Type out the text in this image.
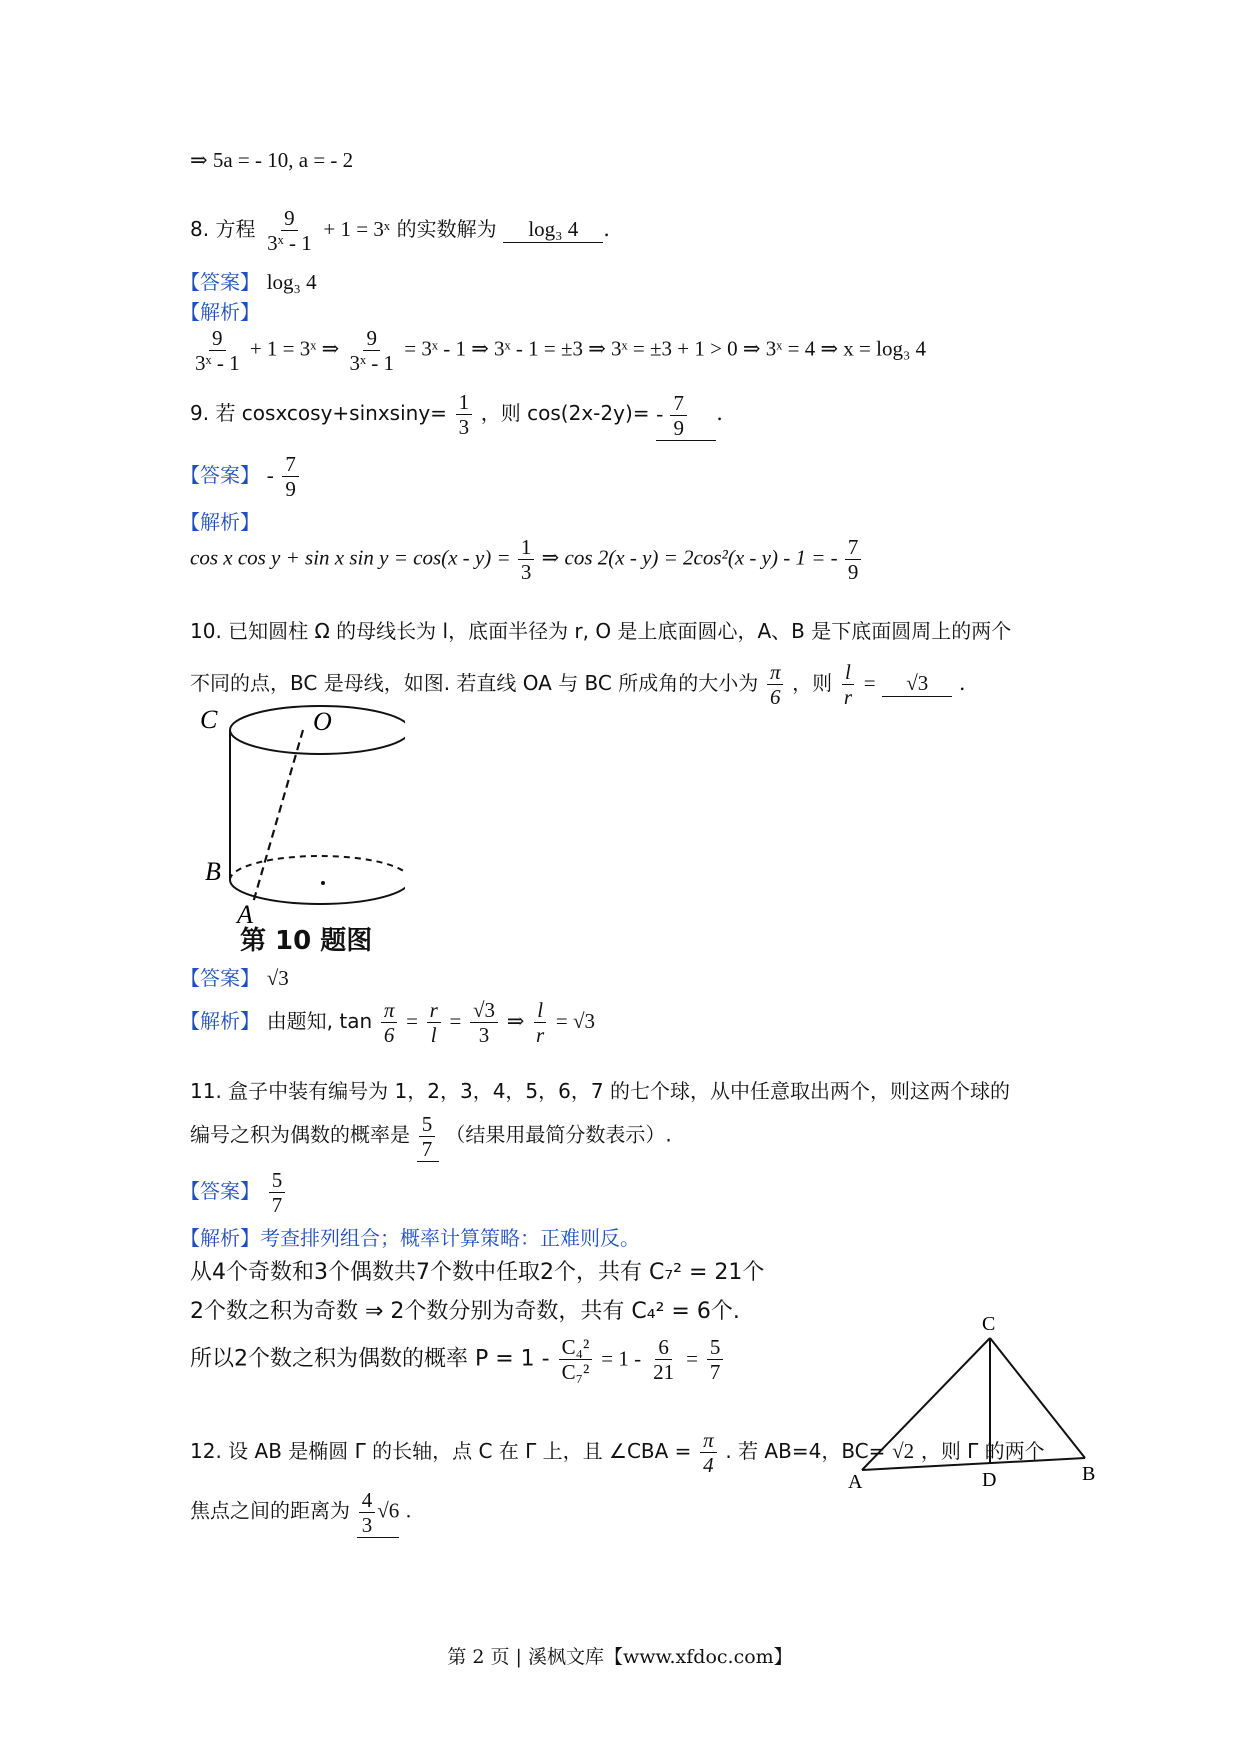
⇒ 5a = - 10, a = - 2
8. 方程 $\frac{9}{\text{3ˣ - 1}} + 1$ = 3ˣ 的实数解为 log₃ 4 .
【答案】 log₃ 4
【解析】
$\frac{9}{\text{3ˣ - 1}} + 1$ = 3ˣ ⇒ $\frac{9}{\text{3ˣ - 1}}$ = 3ˣ - 1 ⇒ 3ˣ - 1 = ±3 ⇒ 3ˣ = ±3 + 1 > 0 ⇒ 3ˣ = 4 ⇒ x = log₃ 4
9. 若 cosxcosy+sinxsiny= $\frac{1}{3}$ ，则 $\cos(2x-2y)= - \frac{7}{9}$ .
【答案】 - $\frac{7}{9}$
【解析】
cos x cos y + sin x $\sin y = \cos(x - y) = \frac{1}{3}$ ⇒ cos 2(x - y) = 2cos²(x - y) - 1 = - $\frac{7}{9}$
10. 已知圆柱 Ω 的母线长为 l，底面半径为 r, O 是上底面圆心，A、B 是下底面圆周上的两个
不同的点，BC 是母线，如图. 若直线 OA 与 BC 所成角的大小为 $\frac{\pi}{6}$ ，则 $\frac{l}{r} = √3$ .
C	O
B
A
第 10 题图
【答案】 √3
【解析】 由题知, $\tan \frac{\pi}{6} = \frac{r}{l} = \frac{√3}{3}$ ⇒ $\frac{l}{r} = √3$
11. 盒子中装有编号为 1，2，3，4，5，6，7 的七个球，从中任意取出两个，则这两个球的
编号之积为偶数的概率是 $\frac{5}{7}$ （结果用最简分数表示）.
【答案】 $\frac{5}{7}$
【解析】考查排列组合；概率计算策略：正难则反。
从4个奇数和3个偶数共7个数中任取2个，共有 C₇² = 21个
2个数之积为奇数 ⇒ 2个数分别为奇数，共有 C₄² = 6个.
所以2个数之积为偶数的概率 $P = 1 - \frac{\text{C₄²}}{\text{C₇²}} = 1 - \frac{6}{21} = \frac{5}{7}$
C
A	B
D
12. 设 AB 是椭圆 Γ 的长轴，点 C 在 Γ 上，且 ∠CBA = $\frac{\pi}{4}$ . 若 AB=4，BC= √2 ，则 Γ 的两个
焦点之间的距离为 $\frac{4}{3} √6$ .
第 2 页 | 溪枫文库【www.xfdoc.com】
